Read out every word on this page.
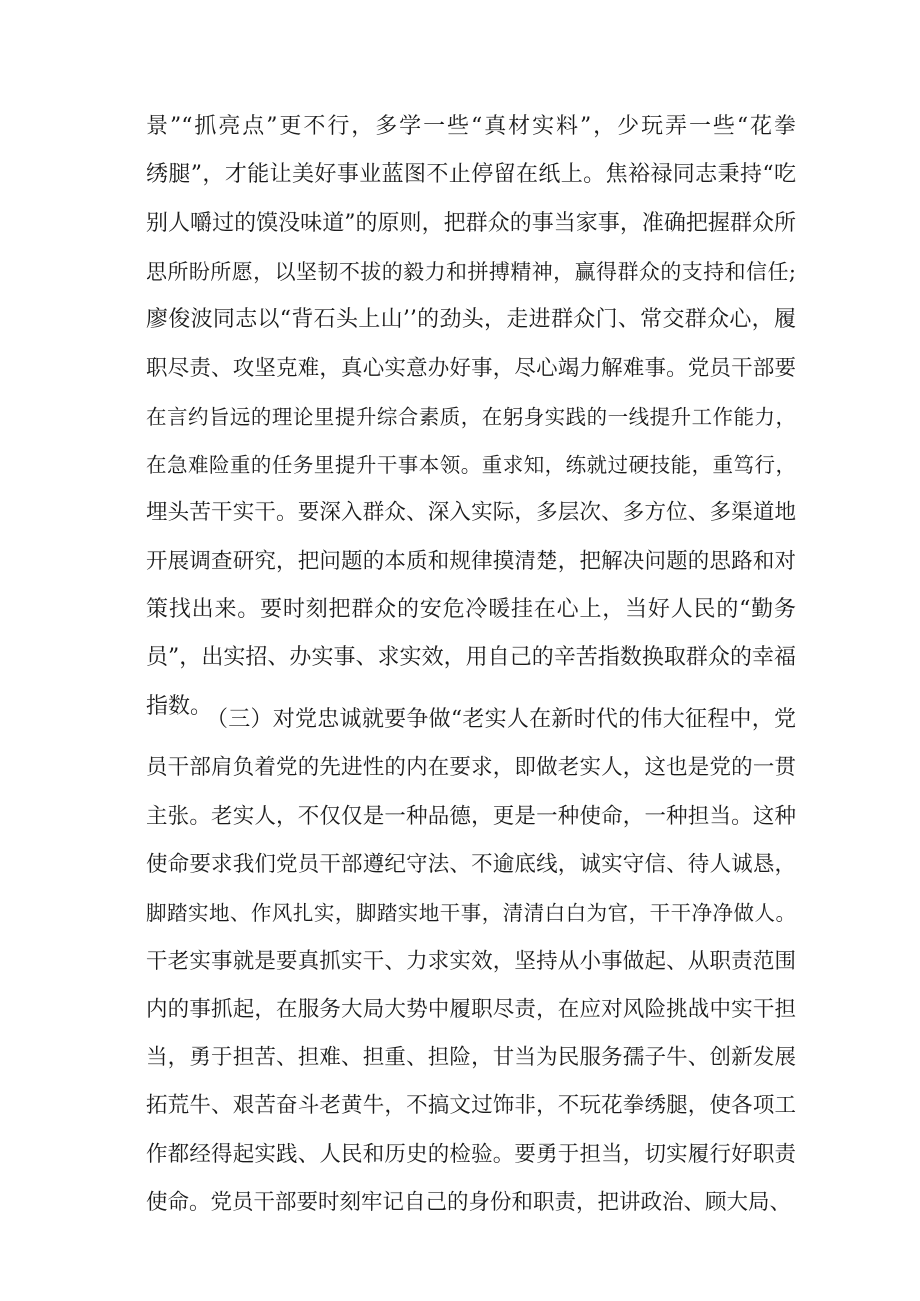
景”“抓亮点”更不行，多学一些“真材实料”，少玩弄一些“花拳
绣腿”，才能让美好事业蓝图不止停留在纸上。焦裕禄同志秉持“吃
别人嚼过的馍没味道”的原则，把群众的事当家事，准确把握群众所
思所盼所愿，以坚韧不拔的毅力和拼搏精神，赢得群众的支持和信任;
廖俊波同志以“背石头上山’’的劲头，走进群众门、常交群众心，履
职尽责、攻坚克难，真心实意办好事，尽心竭力解难事。党员干部要
在言约旨远的理论里提升综合素质，在躬身实践的一线提升工作能力，
在急难险重的任务里提升干事本领。重求知，练就过硬技能，重笃行，
埋头苦干实干。要深入群众、深入实际，多层次、多方位、多渠道地
开展调查研究，把问题的本质和规律摸清楚，把解决问题的思路和对
策找出来。要时刻把群众的安危冷暖挂在心上，当好人民的“勤务
员”，出实招、办实事、求实效，用自己的辛苦指数换取群众的幸福
指数。
（三）对党忠诚就要争做“老实人在新时代的伟大征程中，党
员干部肩负着党的先进性的内在要求，即做老实人，这也是党的一贯
主张。老实人，不仅仅是一种品德，更是一种使命，一种担当。这种
使命要求我们党员干部遵纪守法、不逾底线，诚实守信、待人诚恳，
脚踏实地、作风扎实，脚踏实地干事，清清白白为官，干干净净做人。
干老实事就是要真抓实干、力求实效，坚持从小事做起、从职责范围
内的事抓起，在服务大局大势中履职尽责，在应对风险挑战中实干担
当，勇于担苦、担难、担重、担险，甘当为民服务孺子牛、创新发展
拓荒牛、艰苦奋斗老黄牛，不搞文过饰非，不玩花拳绣腿，使各项工
作都经得起实践、人民和历史的检验。要勇于担当，切实履行好职责
使命。党员干部要时刻牢记自己的身份和职责，把讲政治、顾大局、
